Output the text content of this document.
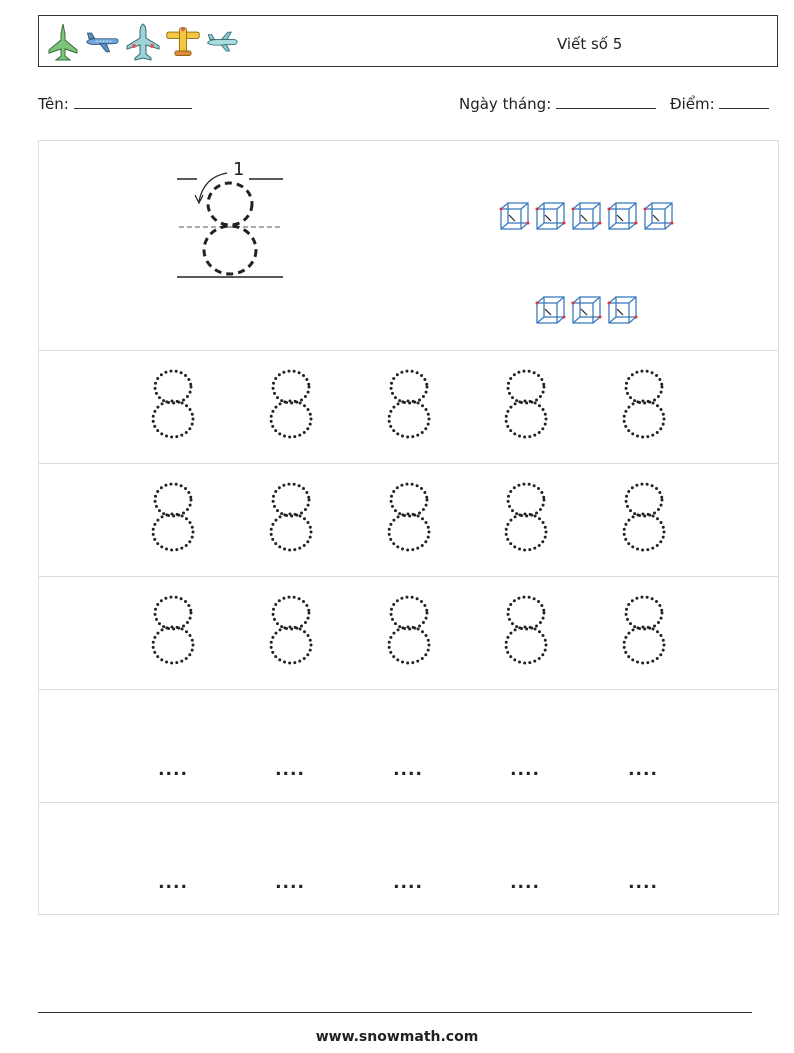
Viết số 5
Tên:	Ngày tháng:	Điểm:
1
....	....	....	....	....
....	....	....	....	....
www.snowmath.com
